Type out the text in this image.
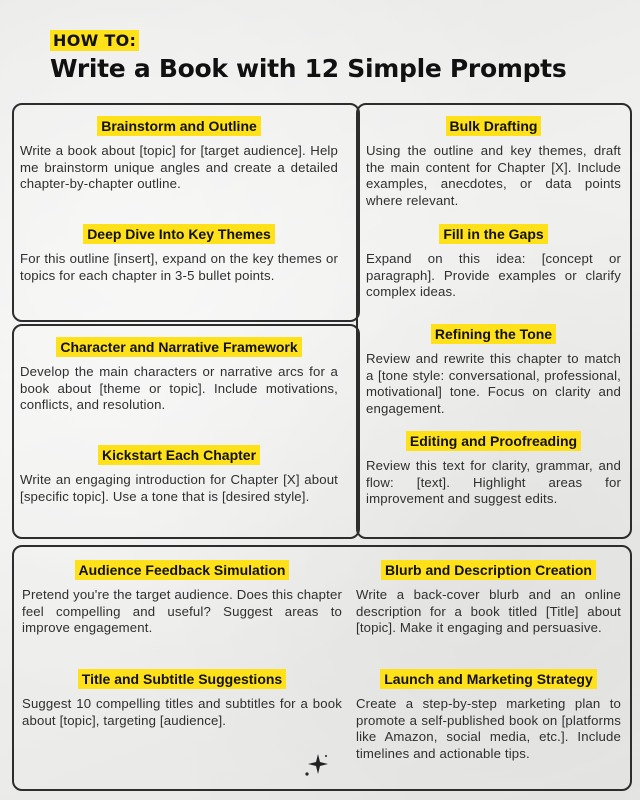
HOW TO:
Write a Book with 12 Simple Prompts
Brainstorm and Outline
Write a book about [topic] for [target audience]. Help me brainstorm unique angles and create a detailed chapter-by-chapter outline.
Deep Dive Into Key Themes
For this outline [insert], expand on the key themes or topics for each chapter in 3-5 bullet points.
Bulk Drafting
Using the outline and key themes, draft the main content for Chapter [X]. Include examples, anecdotes, or data points where relevant.
Fill in the Gaps
Expand on this idea: [concept or paragraph]. Provide examples or clarify complex ideas.
Refining the Tone
Review and rewrite this chapter to match a [tone style: conversational, professional, motivational] tone. Focus on clarity and engagement.
Editing and Proofreading
Review this text for clarity, grammar, and flow: [text]. Highlight areas for improvement and suggest edits.
Character and Narrative Framework
Develop the main characters or narrative arcs for a book about [theme or topic]. Include motivations, conflicts, and resolution.
Kickstart Each Chapter
Write an engaging introduction for Chapter [X] about [specific topic]. Use a tone that is [desired style].
Audience Feedback Simulation
Pretend you're the target audience. Does this chapter feel compelling and useful? Suggest areas to improve engagement.
Title and Subtitle Suggestions
Suggest 10 compelling titles and subtitles for a book about [topic], targeting [audience].
Blurb and Description Creation
Write a back-cover blurb and an online description for a book titled [Title] about [topic]. Make it engaging and persuasive.
Launch and Marketing Strategy
Create a step-by-step marketing plan to promote a self-published book on [platforms like Amazon, social media, etc.]. Include timelines and actionable tips.
